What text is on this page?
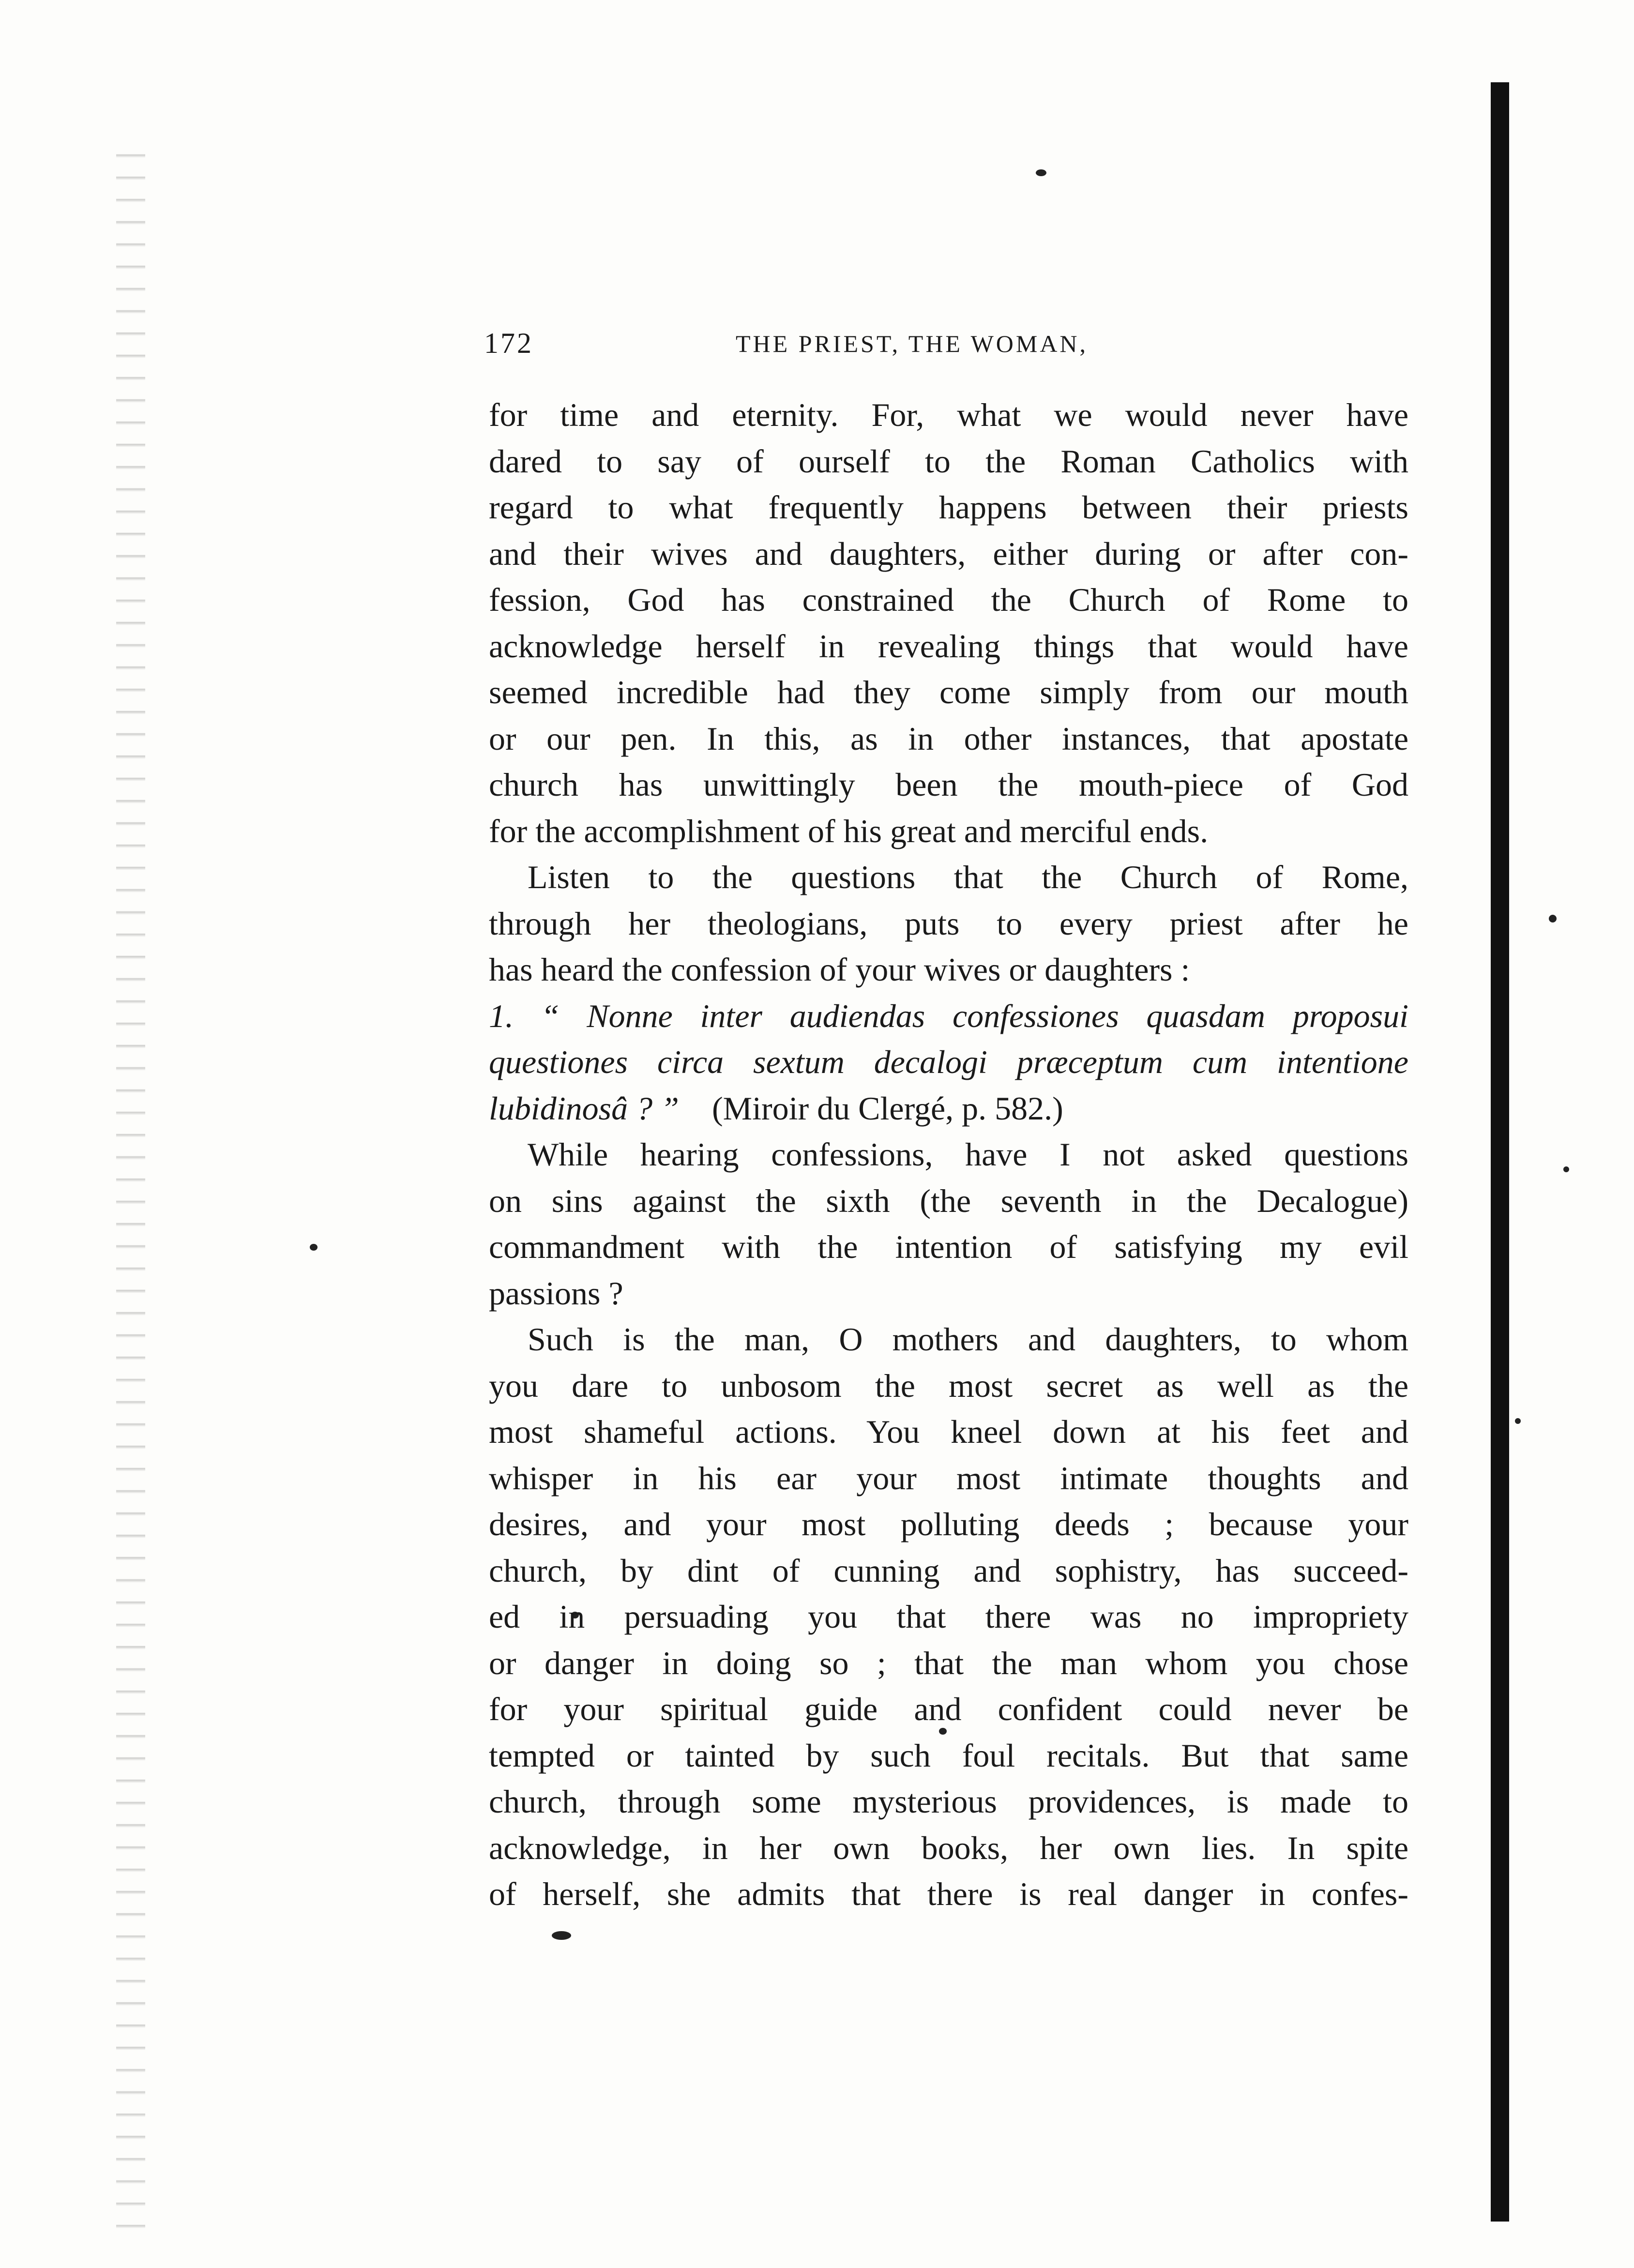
172	THE PRIEST, THE WOMAN,

for time and eternity. For, what we would never have

dared to say of ourself to the Roman Catholics with

regard to what frequently happens between their priests

and their wives and daughters, either during or after con-

fession, God has constrained the Church of Rome to

acknowledge herself in revealing things that would have

seemed incredible had they come simply from our mouth

or our pen. In this, as in other instances, that apostate

church has unwittingly been the mouth-piece of God

for the accomplishment of his great and merciful ends.

Listen to the questions that the Church of Rome,

through her theologians, puts to every priest after he

has heard the confession of your wives or daughters :

1. “ Nonne inter audiendas confessiones quasdam proposui

questiones circa sextum decalogi præceptum cum intentione

lubidinosâ ? ” (Miroir du Clergé, p. 582.)

While hearing confessions, have I not asked questions

on sins against the sixth (the seventh in the Decalogue)

commandment with the intention of satisfying my evil

passions ?

Such is the man, O mothers and daughters, to whom

you dare to unbosom the most secret as well as the

most shameful actions. You kneel down at his feet and

whisper in his ear your most intimate thoughts and

desires, and your most polluting deeds ; because your

church, by dint of cunning and sophistry, has succeed-

ed in persuading you that there was no impropriety

or danger in doing so ; that the man whom you chose

for your spiritual guide and confident could never be

tempted or tainted by such foul recitals. But that same

church, through some mysterious providences, is made to

acknowledge, in her own books, her own lies. In spite

of herself, she admits that there is real danger in confes-
